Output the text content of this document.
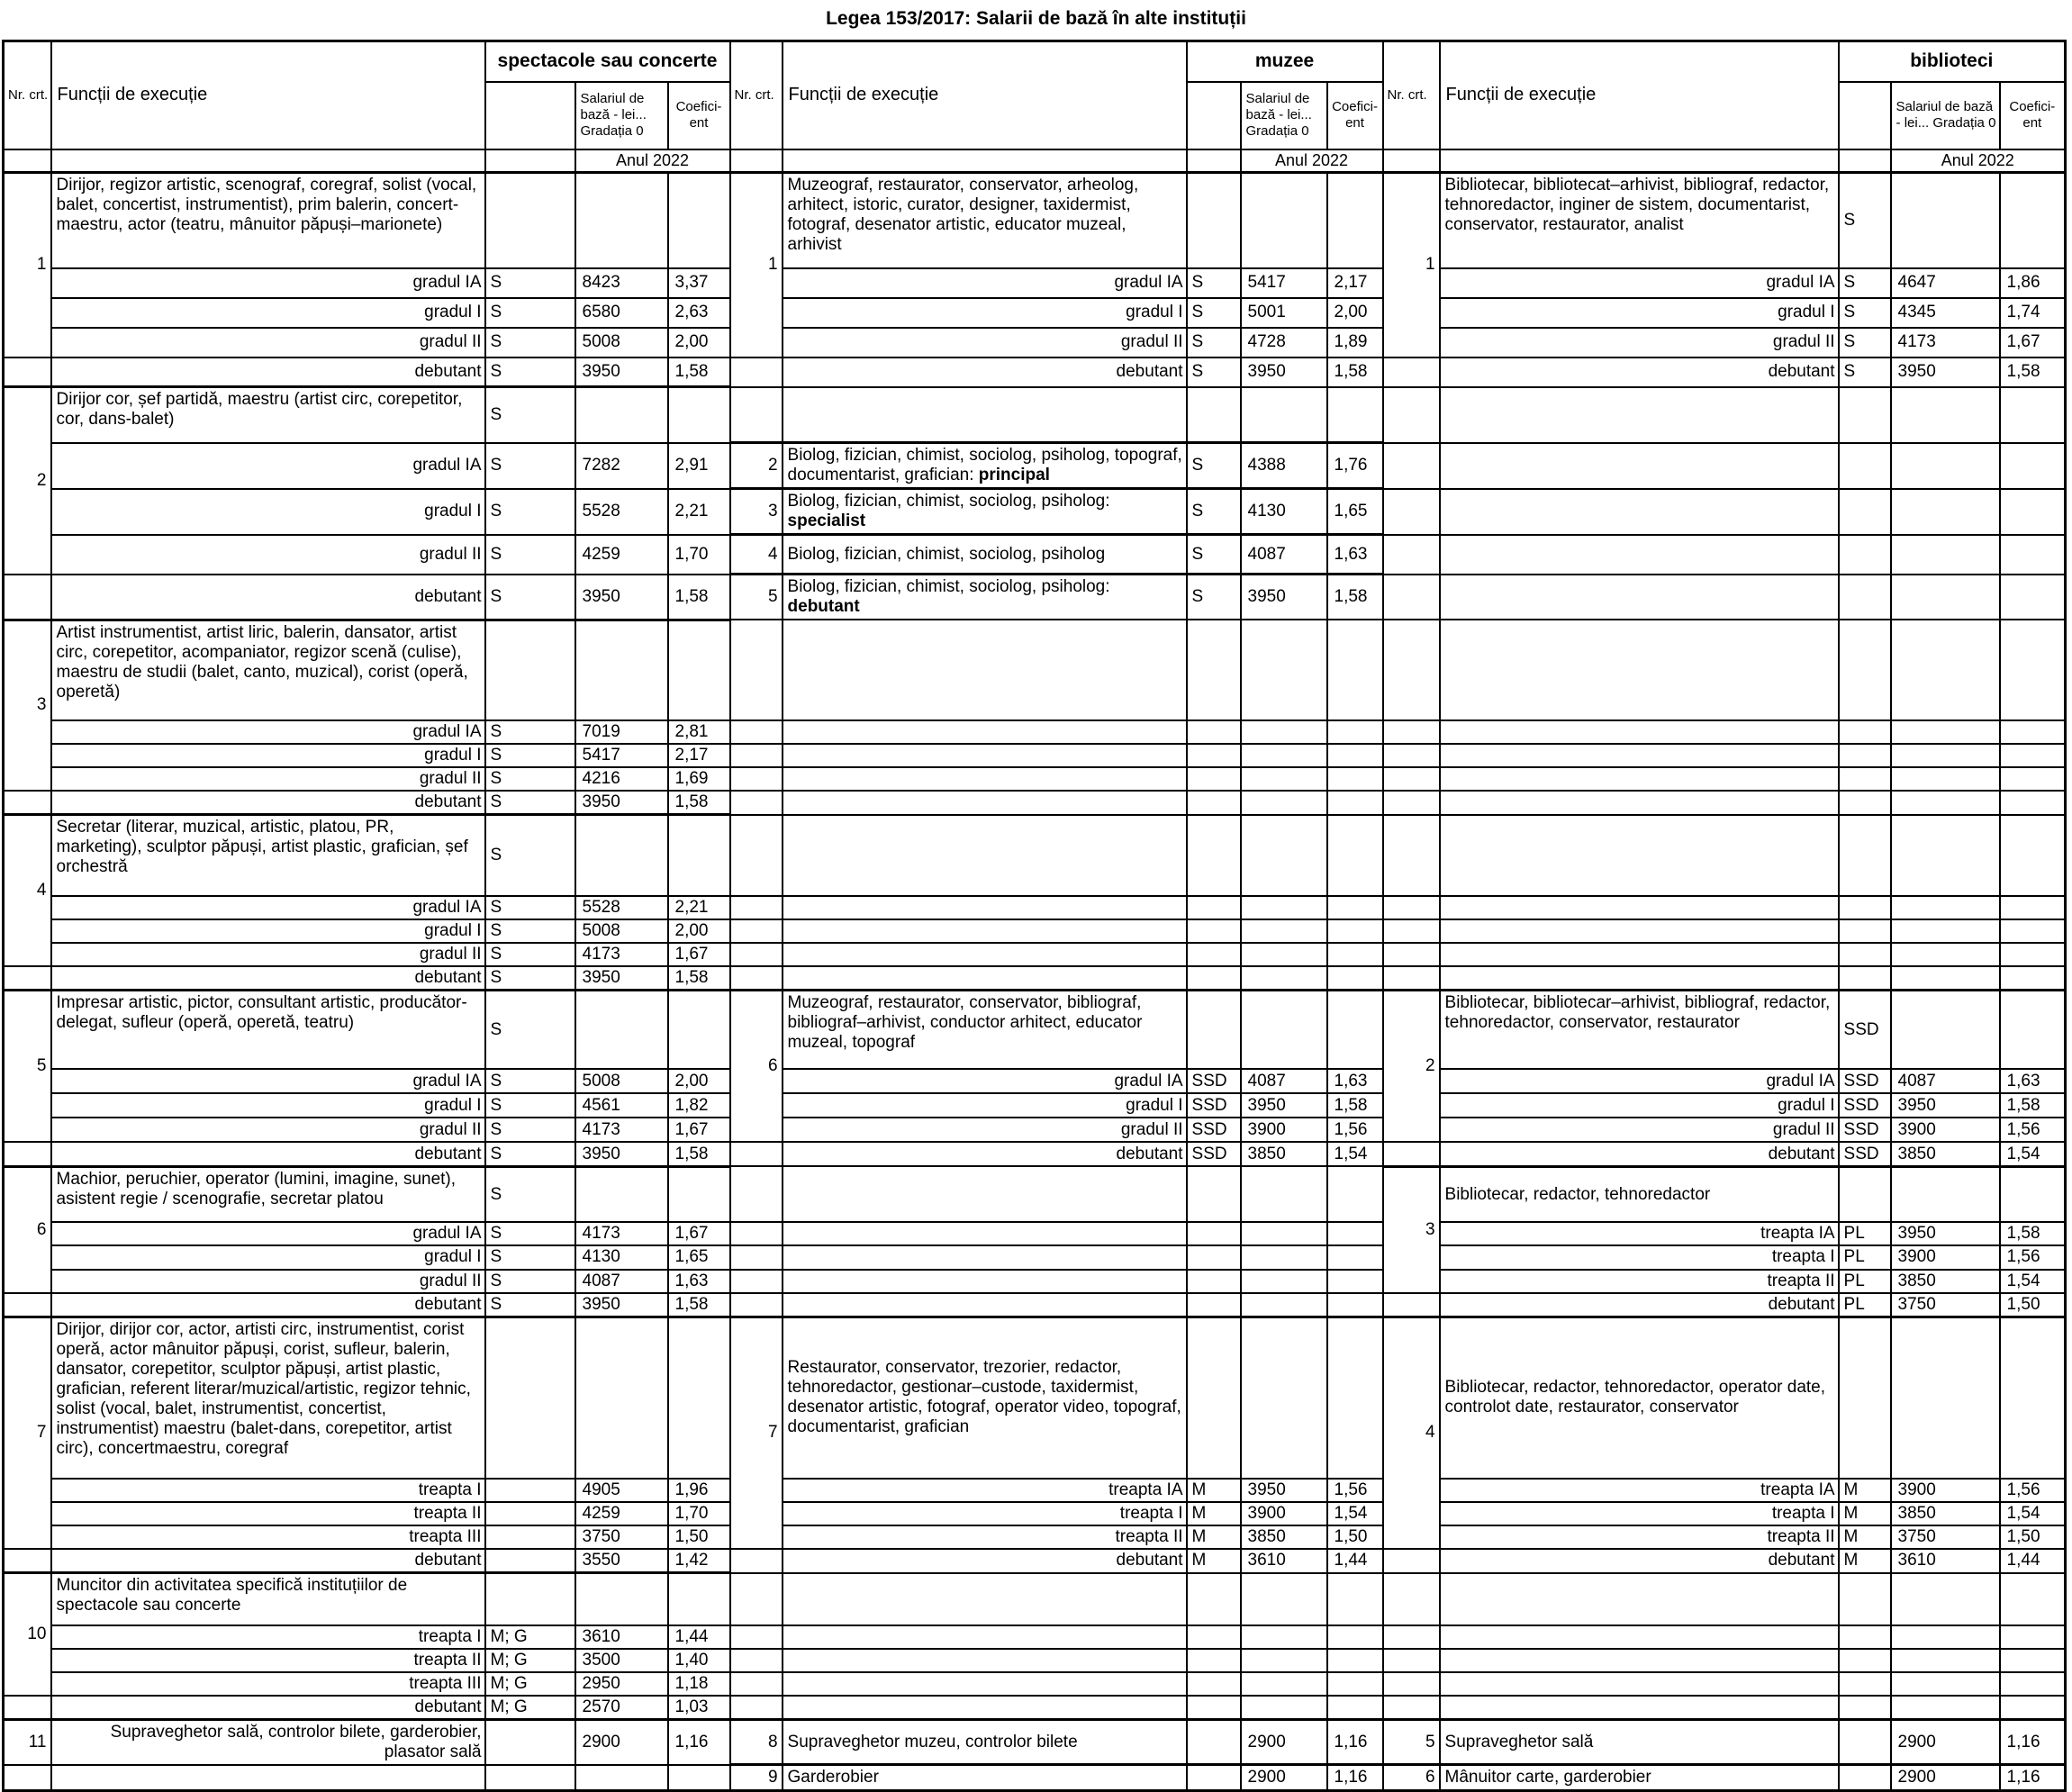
Legea 153/2017: Salarii de bază în alte instituții
Nr. crt.	Funcții de execuție	spectacole sau concerte			Nr. crt.	Funcții de execuție	muzee			Nr. crt.	Funcții de execuție	biblioteci		
			Salariul de bază - lei... Gradația 0	Coefici-ent				Salariul de bază - lei... Gradația 0	Coefici-ent				Salariul de bază - lei... Gradația 0	Coefici-ent
			Anul 2022					Anul 2022					Anul 2022	
1	Dirijor, regizor artistic, scenograf, coregraf, solist (vocal, balet, concertist, instrumentist), prim balerin, concert-maestru, actor (teatru, mânuitor păpuși–marionete)				1	Muzeograf, restaurator, conservator, arheolog, arhitect, istoric, curator, designer, taxidermist, fotograf, desenator artistic, educator muzeal, arhivist				1	Bibliotecar, bibliotecat–arhivist, bibliograf, redactor, tehnoredactor, inginer de sistem, documentarist, conservator, restaurator, analist	S		
	gradul IA	S	8423	3,37		gradul IA	S	5417	2,17		gradul IA	S	4647	1,86
	gradul I	S	6580	2,63		gradul I	S	5001	2,00		gradul I	S	4345	1,74
	gradul II	S	5008	2,00		gradul II	S	4728	1,89		gradul II	S	4173	1,67
	debutant	S	3950	1,58		debutant	S	3950	1,58		debutant	S	3950	1,58
2	Dirijor cor, șef partidă, maestru (artist circ, corepetitor, cor, dans-balet)	S												
	gradul IA	S	7282	2,91	2	Biolog, fizician, chimist, sociolog, psiholog, topograf, documentarist, grafician: principal	S	4388	1,76					
	gradul I	S	5528	2,21	3	Biolog, fizician, chimist, sociolog, psiholog: specialist	S	4130	1,65					
	gradul II	S	4259	1,70	4	Biolog, fizician, chimist, sociolog, psiholog	S	4087	1,63					
	debutant	S	3950	1,58	5	Biolog, fizician, chimist, sociolog, psiholog: debutant	S	3950	1,58					
3	Artist instrumentist, artist liric, balerin, dansator, artist circ, corepetitor, acompaniator, regizor scenă (culise), maestru de studii (balet, canto, muzical), corist (operă, operetă)													
	gradul IA	S	7019	2,81										
	gradul I	S	5417	2,17										
	gradul II	S	4216	1,69										
	debutant	S	3950	1,58										
4	Secretar (literar, muzical, artistic, platou, PR, marketing), sculptor păpuși, artist plastic, grafician, șef orchestră	S												
	gradul IA	S	5528	2,21										
	gradul I	S	5008	2,00										
	gradul II	S	4173	1,67										
	debutant	S	3950	1,58										
5	Impresar artistic, pictor, consultant artistic, producător-delegat, sufleur (operă, operetă, teatru)	S			6	Muzeograf, restaurator, conservator, bibliograf, bibliograf–arhivist, conductor arhitect, educator muzeal, topograf				2	Bibliotecar, bibliotecar–arhivist, bibliograf, redactor, tehnoredactor, conservator, restaurator	SSD		
	gradul IA	S	5008	2,00		gradul IA	SSD	4087	1,63		gradul IA	SSD	4087	1,63
	gradul I	S	4561	1,82		gradul I	SSD	3950	1,58		gradul I	SSD	3950	1,58
	gradul II	S	4173	1,67		gradul II	SSD	3900	1,56		gradul II	SSD	3900	1,56
	debutant	S	3950	1,58		debutant	SSD	3850	1,54		debutant	SSD	3850	1,54
6	Machior, peruchier, operator (lumini, imagine, sunet), asistent regie / scenografie, secretar platou	S								3	Bibliotecar, redactor, tehnoredactor			
	gradul IA	S	4173	1,67							treapta IA	PL	3950	1,58
	gradul I	S	4130	1,65							treapta I	PL	3900	1,56
	gradul II	S	4087	1,63							treapta II	PL	3850	1,54
	debutant	S	3950	1,58							debutant	PL	3750	1,50
7	Dirijor, dirijor cor, actor, artisti circ, instrumentist, corist operă, actor mânuitor păpuși, corist, sufleur, balerin, dansator, corepetitor, sculptor păpuși, artist plastic, grafician, referent literar/muzical/artistic, regizor tehnic, solist (vocal, balet, instrumentist, concertist, instrumentist) maestru (balet-dans, corepetitor, artist circ), concertmaestru, coregraf				7	Restaurator, conservator, trezorier, redactor, tehnoredactor, gestionar–custode, taxidermist, desenator artistic, fotograf, operator video, topograf, documentarist, grafician				4	Bibliotecar, redactor, tehnoredactor, operator date, controlot date, restaurator, conservator			
	treapta I		4905	1,96		treapta IA	M	3950	1,56		treapta IA	M	3900	1,56
	treapta II		4259	1,70		treapta I	M	3900	1,54		treapta I	M	3850	1,54
	treapta III		3750	1,50		treapta II	M	3850	1,50		treapta II	M	3750	1,50
	debutant		3550	1,42		debutant	M	3610	1,44		debutant	M	3610	1,44
10	Muncitor din activitatea specifică instituțiilor de spectacole sau concerte													
	treapta I	M; G	3610	1,44										
	treapta II	M; G	3500	1,40										
	treapta III	M; G	2950	1,18										
	debutant	M; G	2570	1,03										
11	Supraveghetor sală, controlor bilete, garderobier, plasator sală		2900	1,16	8	Supraveghetor muzeu, controlor bilete		2900	1,16	5	Supraveghetor sală		2900	1,16
					9	Garderobier		2900	1,16	6	Mânuitor carte, garderobier		2900	1,16
